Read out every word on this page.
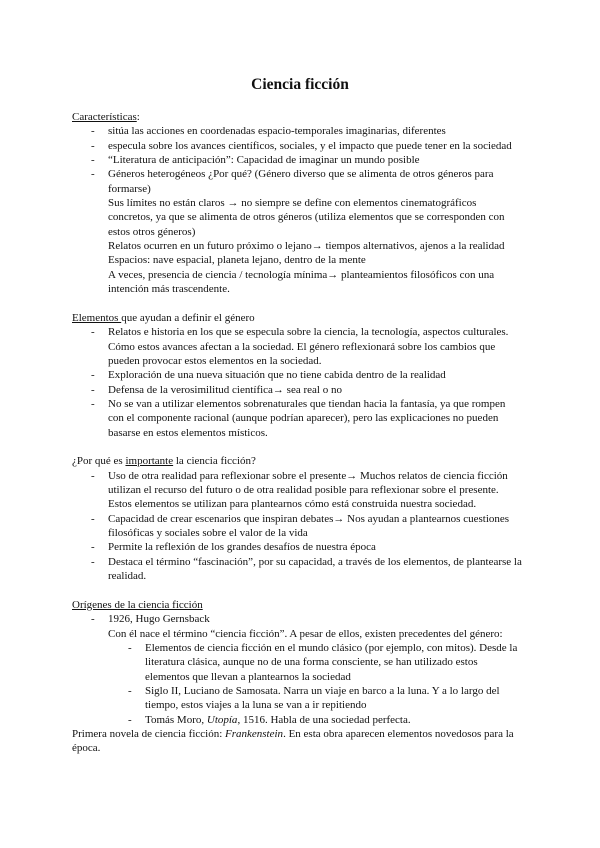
Ciencia ficción
Características:
- sitúa las acciones en coordenadas espacio-temporales imaginarias, diferentes
- especula sobre los avances científicos, sociales, y el impacto que puede tener en la sociedad
- “Literatura de anticipación”: Capacidad de imaginar un mundo posible
- Géneros heterogéneos ¿Por qué? (Género diverso que se alimenta de otros géneros para
formarse)
Sus límites no están claros → no siempre se define con elementos cinematográficos
concretos, ya que se alimenta de otros géneros (utiliza elementos que se corresponden con
estos otros géneros)
Relatos ocurren en un futuro próximo o lejano→ tiempos alternativos, ajenos a la realidad
Espacios: nave espacial, planeta lejano, dentro de la mente
A veces, presencia de ciencia / tecnología mínima→ planteamientos filosóficos con una
intención más trascendente.
Elementos que ayudan a definir el género
- Relatos e historia en los que se especula sobre la ciencia, la tecnología, aspectos culturales.
Cómo estos avances afectan a la sociedad. El género reflexionará sobre los cambios que
pueden provocar estos elementos en la sociedad.
- Exploración de una nueva situación que no tiene cabida dentro de la realidad
- Defensa de la verosimilitud científica→ sea real o no
- No se van a utilizar elementos sobrenaturales que tiendan hacia la fantasía, ya que rompen
con el componente racional (aunque podrían aparecer), pero las explicaciones no pueden
basarse en estos elementos místicos.
¿Por qué es importante la ciencia ficción?
- Uso de otra realidad para reflexionar sobre el presente→ Muchos relatos de ciencia ficción
utilizan el recurso del futuro o de otra realidad posible para reflexionar sobre el presente.
Estos elementos se utilizan para plantearnos cómo está construida nuestra sociedad.
- Capacidad de crear escenarios que inspiran debates→ Nos ayudan a plantearnos cuestiones
filosóficas y sociales sobre el valor de la vida
- Permite la reflexión de los grandes desafíos de nuestra época
- Destaca el término “fascinación”, por su capacidad, a través de los elementos, de plantearse la
realidad.
Orígenes de la ciencia ficción
- 1926, Hugo Gernsback
Con él nace el término “ciencia ficción”. A pesar de ellos, existen precedentes del género:
- Elementos de ciencia ficción en el mundo clásico (por ejemplo, con mitos). Desde la
literatura clásica, aunque no de una forma consciente, se han utilizado estos
elementos que llevan a plantearnos la sociedad
- Siglo II, Luciano de Samosata. Narra un viaje en barco a la luna. Y a lo largo del
tiempo, estos viajes a la luna se van a ir repitiendo
- Tomás Moro, Utopía, 1516. Habla de una sociedad perfecta.
Primera novela de ciencia ficción: Frankenstein. En esta obra aparecen elementos novedosos para la
época.
